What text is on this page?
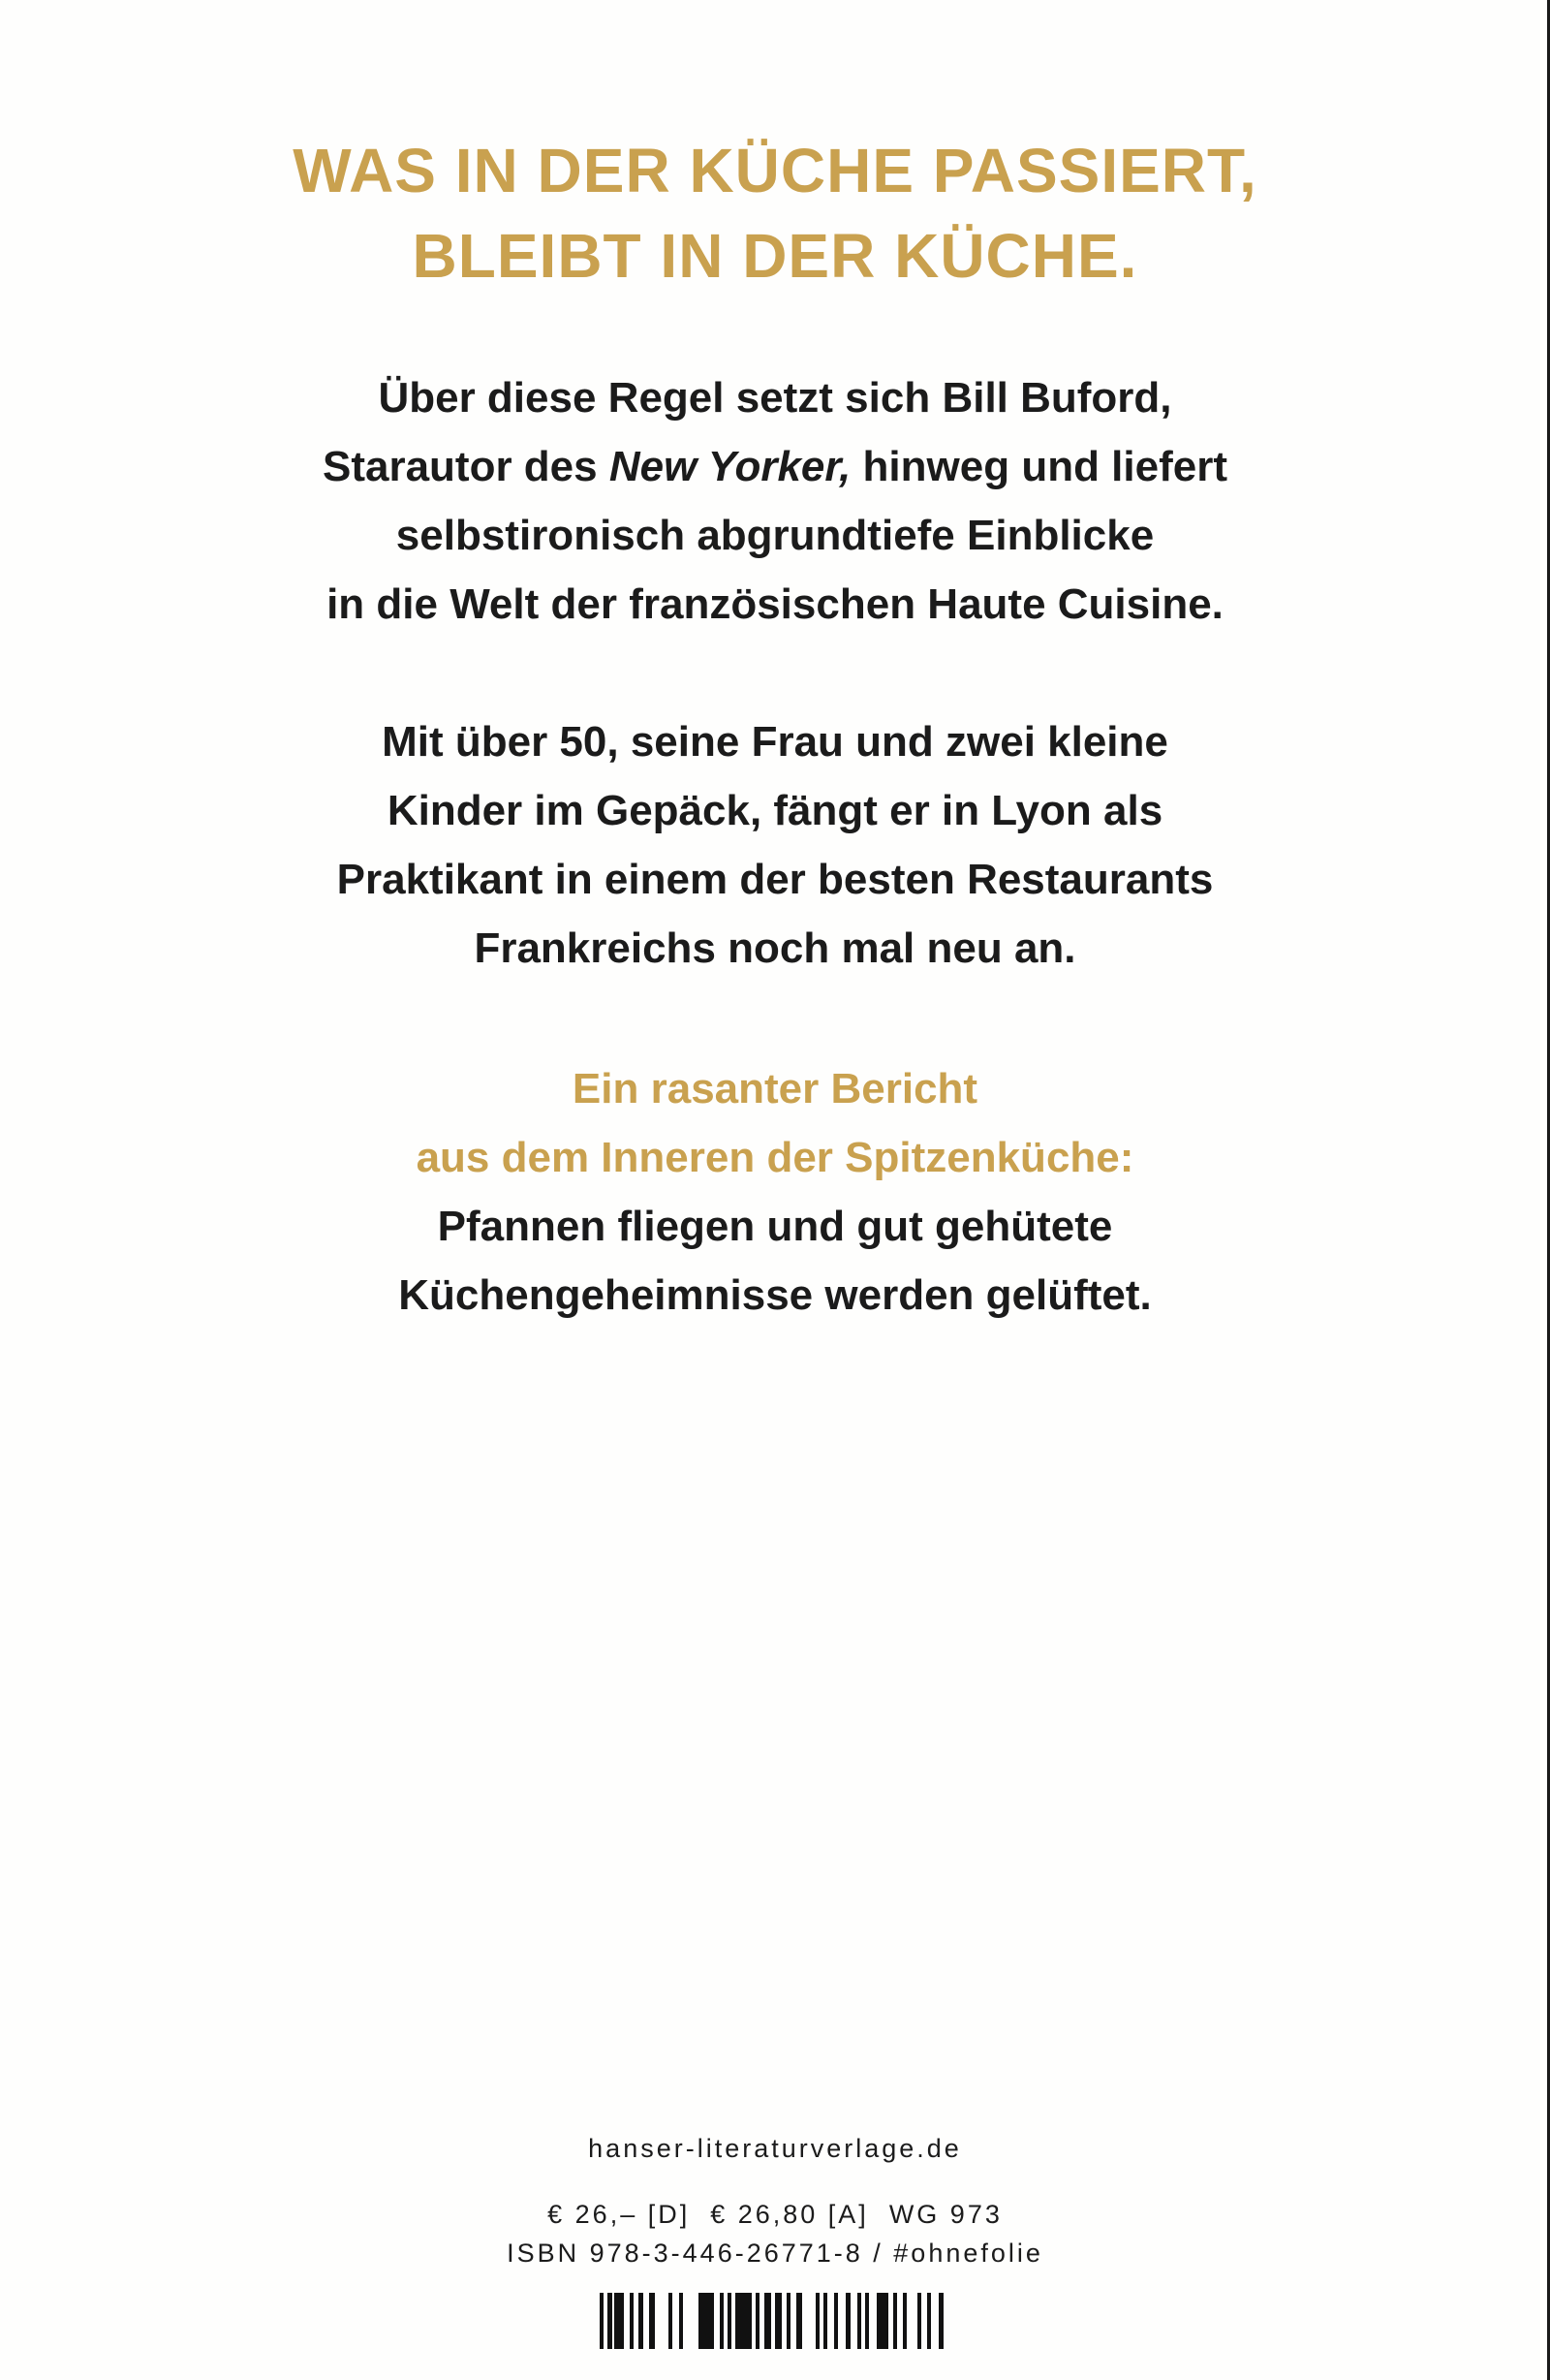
WAS IN DER KÜCHE PASSIERT,
BLEIBT IN DER KÜCHE.
Über diese Regel setzt sich Bill Buford,
Starautor des New Yorker, hinweg und liefert
selbstironisch abgrundtiefe Einblicke
in die Welt der französischen Haute Cuisine.
Mit über 50, seine Frau und zwei kleine
Kinder im Gepäck, fängt er in Lyon als
Praktikant in einem der besten Restaurants
Frankreichs noch mal neu an.
Ein rasanter Bericht
aus dem Inneren der Spitzenküche:
Pfannen fliegen und gut gehütete
Küchengeheimnisse werden gelüftet.
hanser-literaturverlage.de
€ 26,– [D]  € 26,80 [A]  WG 973
ISBN 978-3-446-26771-8 / #ohnefolie
